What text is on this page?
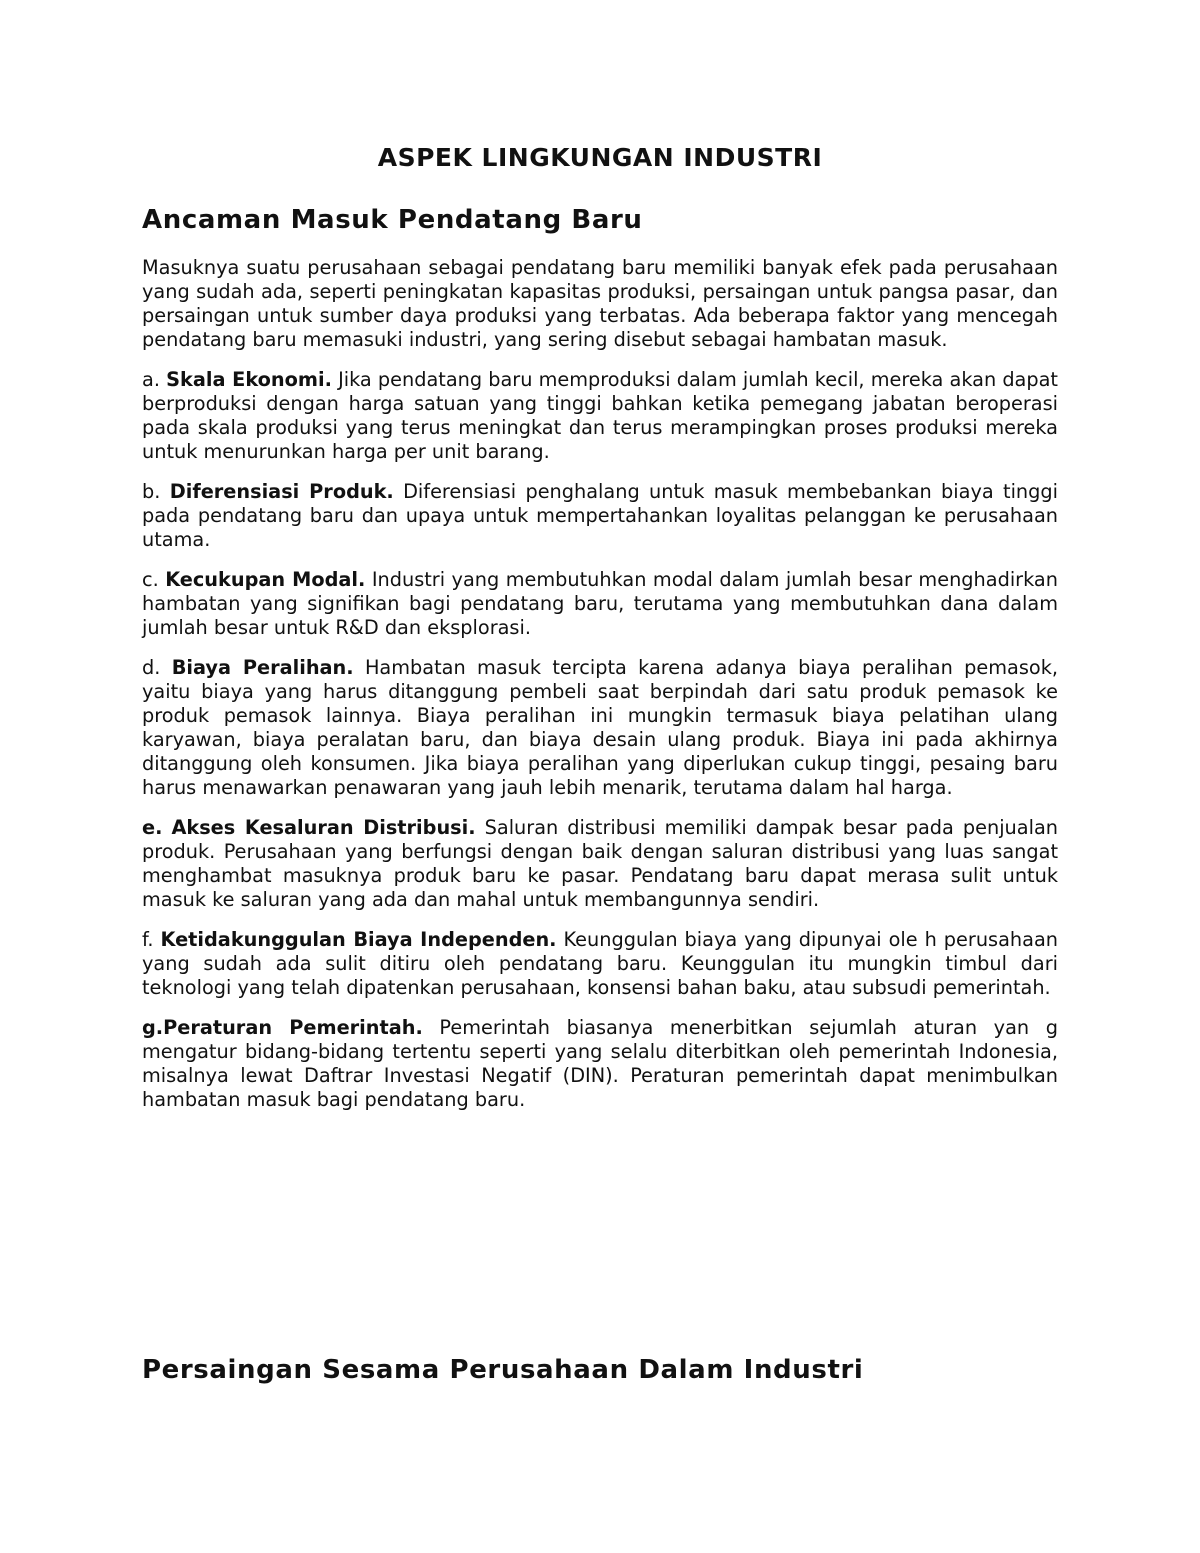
ASPEK LINGKUNGAN INDUSTRI
Ancaman Masuk Pendatang Baru

Masuknya suatu perusahaan sebagai pendatang baru memiliki banyak efek pada perusahaan yang sudah ada, seperti peningkatan kapasitas produksi, persaingan untuk pangsa pasar, dan persaingan untuk sumber daya produksi yang terbatas. Ada beberapa faktor yang mencegah pendatang baru memasuki industri, yang sering disebut sebagai hambatan masuk.

a. Skala Ekonomi. Jika pendatang baru memproduksi dalam jumlah kecil, mereka akan dapat berproduksi dengan harga satuan yang tinggi bahkan ketika pemegang jabatan beroperasi pada skala produksi yang terus meningkat dan terus merampingkan proses produksi mereka untuk menurunkan harga per unit barang.

b. Diferensiasi Produk. Diferensiasi penghalang untuk masuk membebankan biaya tinggi pada pendatang baru dan upaya untuk mempertahankan loyalitas pelanggan ke perusahaan utama.

c. Kecukupan Modal. Industri yang membutuhkan modal dalam jumlah besar menghadirkan hambatan yang signifikan bagi pendatang baru, terutama yang membutuhkan dana dalam jumlah besar untuk R&D dan eksplorasi.

d. Biaya Peralihan. Hambatan masuk tercipta karena adanya biaya peralihan pemasok, yaitu biaya yang harus ditanggung pembeli saat berpindah dari satu produk pemasok ke produk pemasok lainnya. Biaya peralihan ini mungkin termasuk biaya pelatihan ulang karyawan, biaya peralatan baru, dan biaya desain ulang produk. Biaya ini pada akhirnya ditanggung oleh konsumen. Jika biaya peralihan yang diperlukan cukup tinggi, pesaing baru harus menawarkan penawaran yang jauh lebih menarik, terutama dalam hal harga.

e. Akses Kesaluran Distribusi. Saluran distribusi memiliki dampak besar pada penjualan produk. Perusahaan yang berfungsi dengan baik dengan saluran distribusi yang luas sangat menghambat masuknya produk baru ke pasar. Pendatang baru dapat merasa sulit untuk masuk ke saluran yang ada dan mahal untuk membangunnya sendiri.

f. Ketidakunggulan Biaya Independen. Keunggulan biaya yang dipunyai ole h perusahaan yang sudah ada sulit ditiru oleh pendatang baru. Keunggulan itu mungkin timbul dari teknologi yang telah dipatenkan perusahaan, konsensi bahan baku, atau subsudi pemerintah.

g.Peraturan Pemerintah. Pemerintah biasanya menerbitkan sejumlah aturan yan g mengatur bidang-bidang tertentu seperti yang selalu diterbitkan oleh pemerintah Indonesia, misalnya lewat Daftrar Investasi Negatif (DIN). Peraturan pemerintah dapat menimbulkan hambatan masuk bagi pendatang baru.

Persaingan Sesama Perusahaan Dalam Industri
